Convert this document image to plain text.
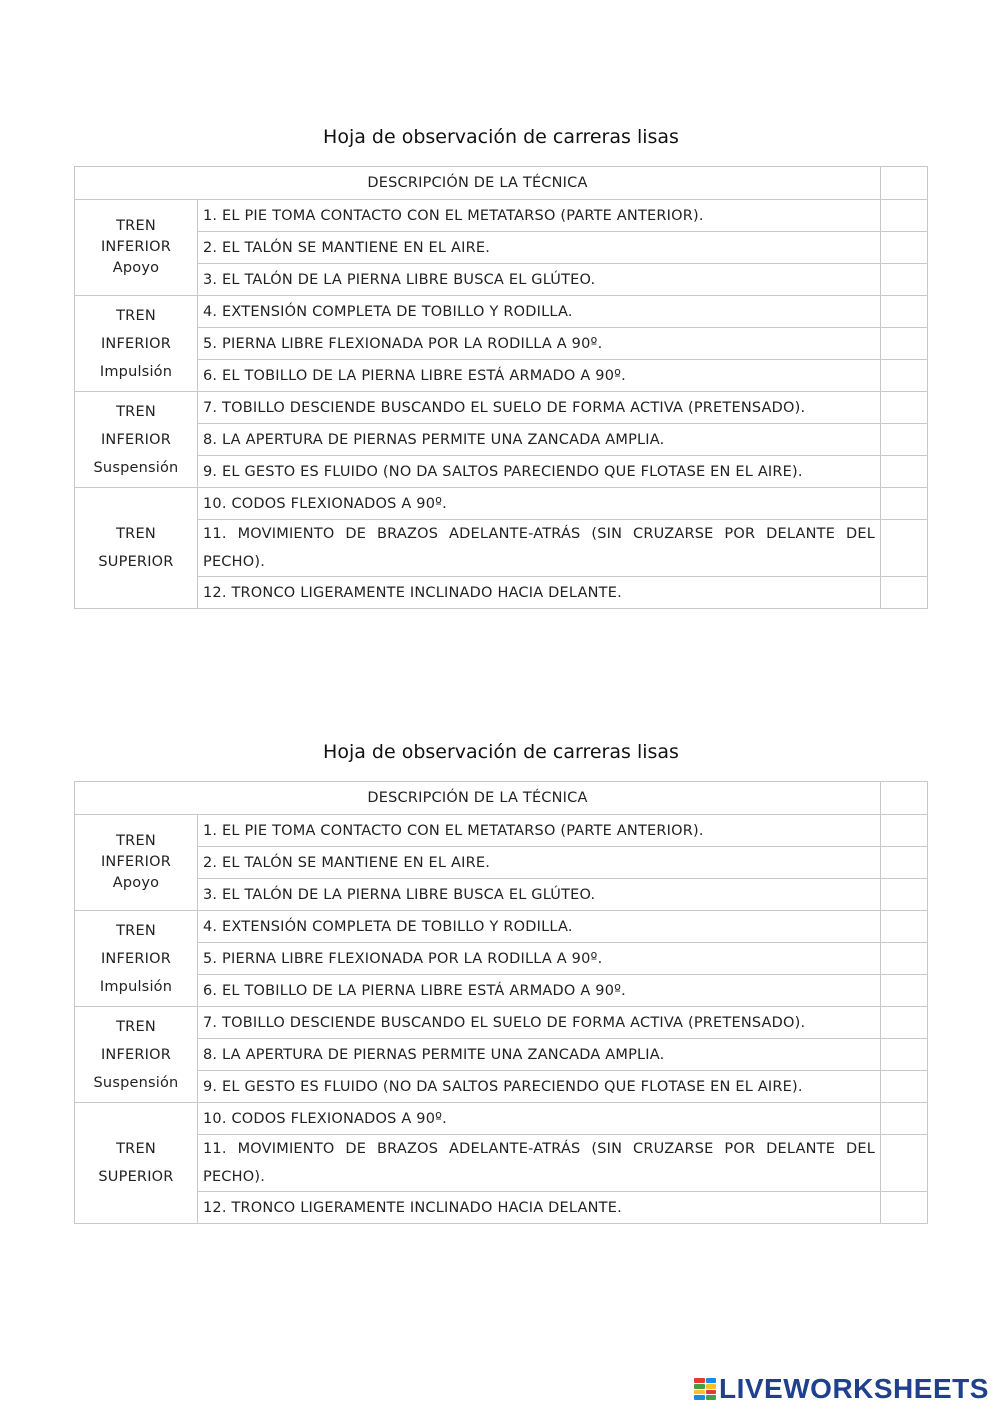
Hoja de observación de carreras lisas
DESCRIPCIÓN DE LA TÉCNICA		

TREN
INFERIOR
Apoyo	1. EL PIE TOMA CONTACTO CON EL METATARSO (PARTE ANTERIOR).	
	2. EL TALÓN SE MANTIENE EN EL AIRE.	
	3. EL TALÓN DE LA PIERNA LIBRE BUSCA EL GLÚTEO.	

TREN
INFERIOR
Impulsión	4. EXTENSIÓN COMPLETA DE TOBILLO Y RODILLA.	
	5. PIERNA LIBRE FLEXIONADA POR LA RODILLA A 90º.	
	6. EL TOBILLO DE LA PIERNA LIBRE ESTÁ ARMADO A 90º.	

TREN
INFERIOR
Suspensión	7. TOBILLO DESCIENDE BUSCANDO EL SUELO DE FORMA ACTIVA (PRETENSADO).	
	8. LA APERTURA DE PIERNAS PERMITE UNA ZANCADA AMPLIA.	
	9. EL GESTO ES FLUIDO (NO DA SALTOS PARECIENDO QUE FLOTASE EN EL AIRE).	

TREN
SUPERIOR	10. CODOS FLEXIONADOS A 90º.	
	11. MOVIMIENTO DE BRAZOS ADELANTE-ATRÁS (SIN CRUZARSE POR DELANTE DEL PECHO).	
	12. TRONCO LIGERAMENTE INCLINADO HACIA DELANTE.	
Hoja de observación de carreras lisas
DESCRIPCIÓN DE LA TÉCNICA		

TREN
INFERIOR
Apoyo	1. EL PIE TOMA CONTACTO CON EL METATARSO (PARTE ANTERIOR).	
	2. EL TALÓN SE MANTIENE EN EL AIRE.	
	3. EL TALÓN DE LA PIERNA LIBRE BUSCA EL GLÚTEO.	

TREN
INFERIOR
Impulsión	4. EXTENSIÓN COMPLETA DE TOBILLO Y RODILLA.	
	5. PIERNA LIBRE FLEXIONADA POR LA RODILLA A 90º.	
	6. EL TOBILLO DE LA PIERNA LIBRE ESTÁ ARMADO A 90º.	

TREN
INFERIOR
Suspensión	7. TOBILLO DESCIENDE BUSCANDO EL SUELO DE FORMA ACTIVA (PRETENSADO).	
	8. LA APERTURA DE PIERNAS PERMITE UNA ZANCADA AMPLIA.	
	9. EL GESTO ES FLUIDO (NO DA SALTOS PARECIENDO QUE FLOTASE EN EL AIRE).	

TREN
SUPERIOR	10. CODOS FLEXIONADOS A 90º.	
	11. MOVIMIENTO DE BRAZOS ADELANTE-ATRÁS (SIN CRUZARSE POR DELANTE DEL PECHO).	
	12. TRONCO LIGERAMENTE INCLINADO HACIA DELANTE.	
LIVEWORKSHEETS
